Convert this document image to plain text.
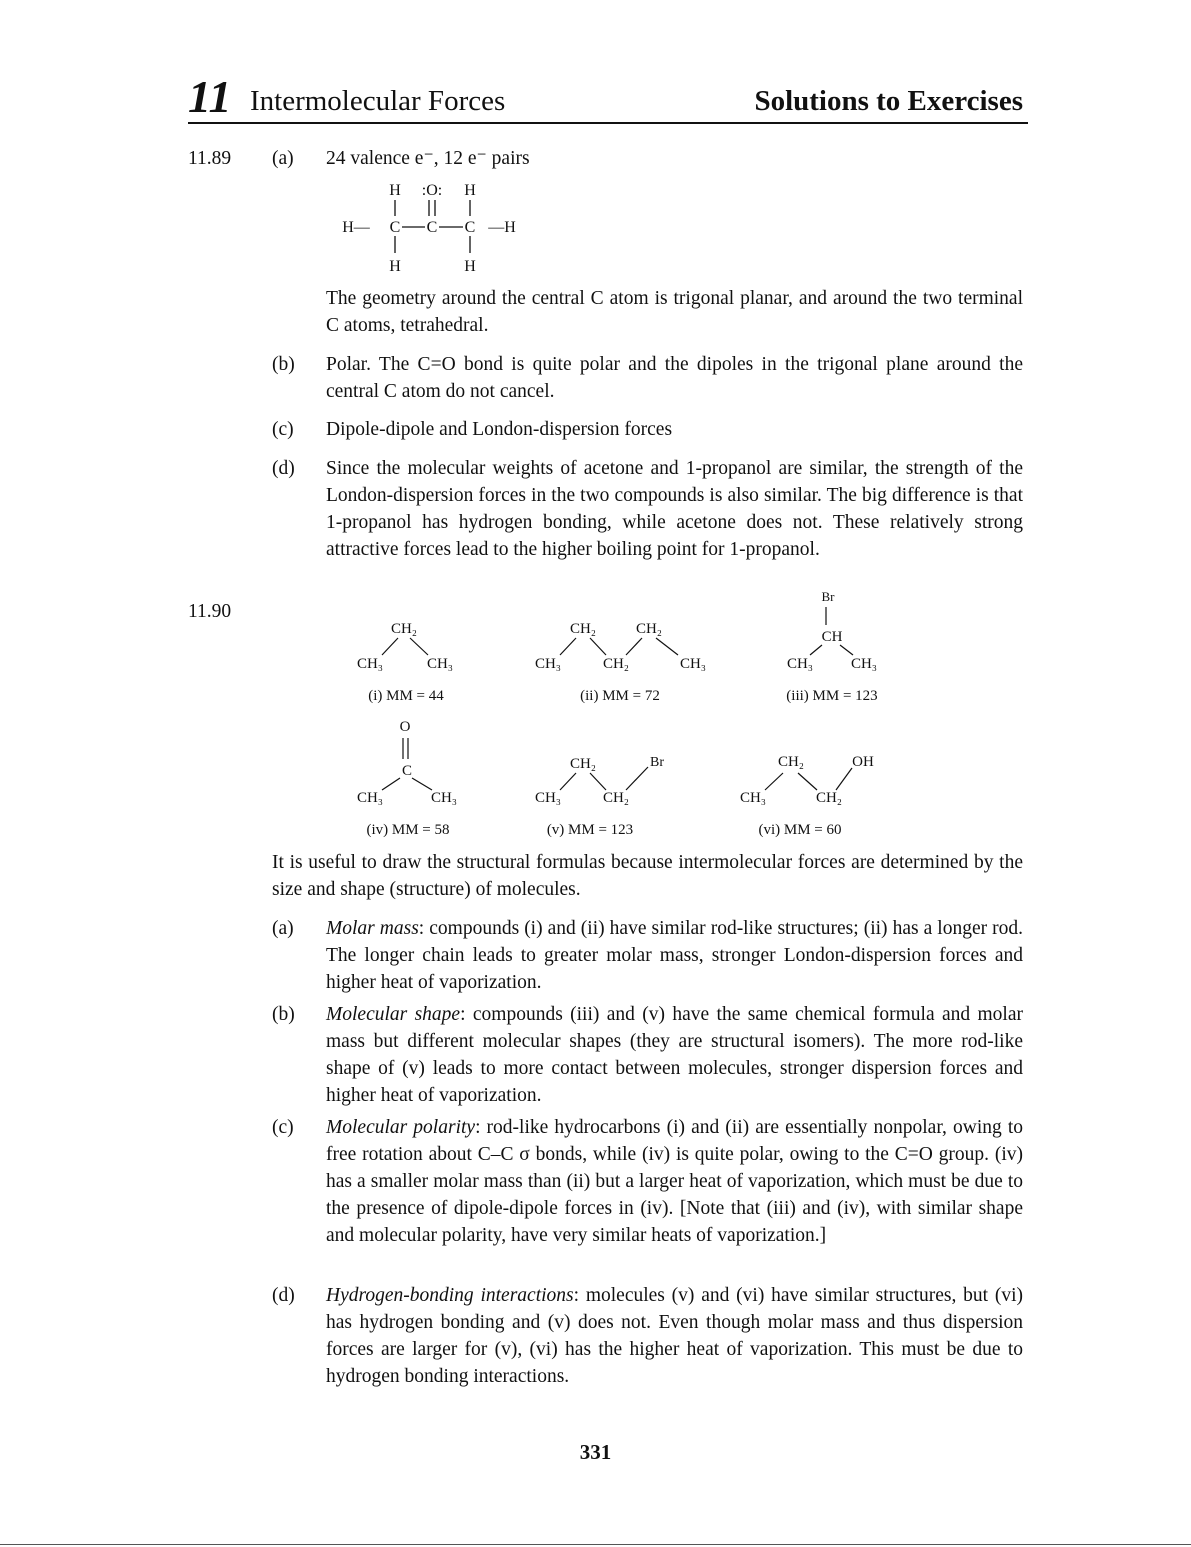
11 Intermolecular Forces	Solutions to Exercises
11.89 (a) 24 valence e⁻, 12 e⁻ pairs
H :O: H
H— C C C —H
H	H
The geometry around the central C atom is trigonal planar, and around the two terminal C atoms, tetrahedral.
(b) Polar. The C=O bond is quite polar and the dipoles in the trigonal plane around the central C atom do not cancel.
(c) Dipole-dipole and London-dispersion forces
(d) Since the molecular weights of acetone and 1-propanol are similar, the strength of the London-dispersion forces in the two compounds is also similar. The big difference is that 1-propanol has hydrogen bonding, while acetone does not. These relatively strong attractive forces lead to the higher boiling point for 1-propanol.
11.90
CH₂
CH₃	CH₃
(i) MM = 44
CH₂	CH₂
CH₃	CH₂	CH₃
(ii) MM = 72
Br
CH
CH₃	CH₃
(iii) MM = 123
O
C
CH₃	CH₃
(iv) MM = 58
CH₂	Br
CH₃	CH₂
(v) MM = 123
CH₂	OH
CH₃	CH₂
(vi) MM = 60
It is useful to draw the structural formulas because intermolecular forces are determined by the size and shape (structure) of molecules.
(a) Molar mass: compounds (i) and (ii) have similar rod-like structures; (ii) has a longer rod. The longer chain leads to greater molar mass, stronger London-dispersion forces and higher heat of vaporization.
(b) Molecular shape: compounds (iii) and (v) have the same chemical formula and molar mass but different molecular shapes (they are structural isomers). The more rod-like shape of (v) leads to more contact between molecules, stronger dispersion forces and higher heat of vaporization.
(c) Molecular polarity: rod-like hydrocarbons (i) and (ii) are essentially nonpolar, owing to free rotation about C–C σ bonds, while (iv) is quite polar, owing to the C=O group. (iv) has a smaller molar mass than (ii) but a larger heat of vaporization, which must be due to the presence of dipole-dipole forces in (iv). [Note that (iii) and (iv), with similar shape and molecular polarity, have very similar heats of vaporization.]
(d) Hydrogen-bonding interactions: molecules (v) and (vi) have similar structures, but (vi) has hydrogen bonding and (v) does not. Even though molar mass and thus dispersion forces are larger for (v), (vi) has the higher heat of vaporization. This must be due to hydrogen bonding interactions.
331
